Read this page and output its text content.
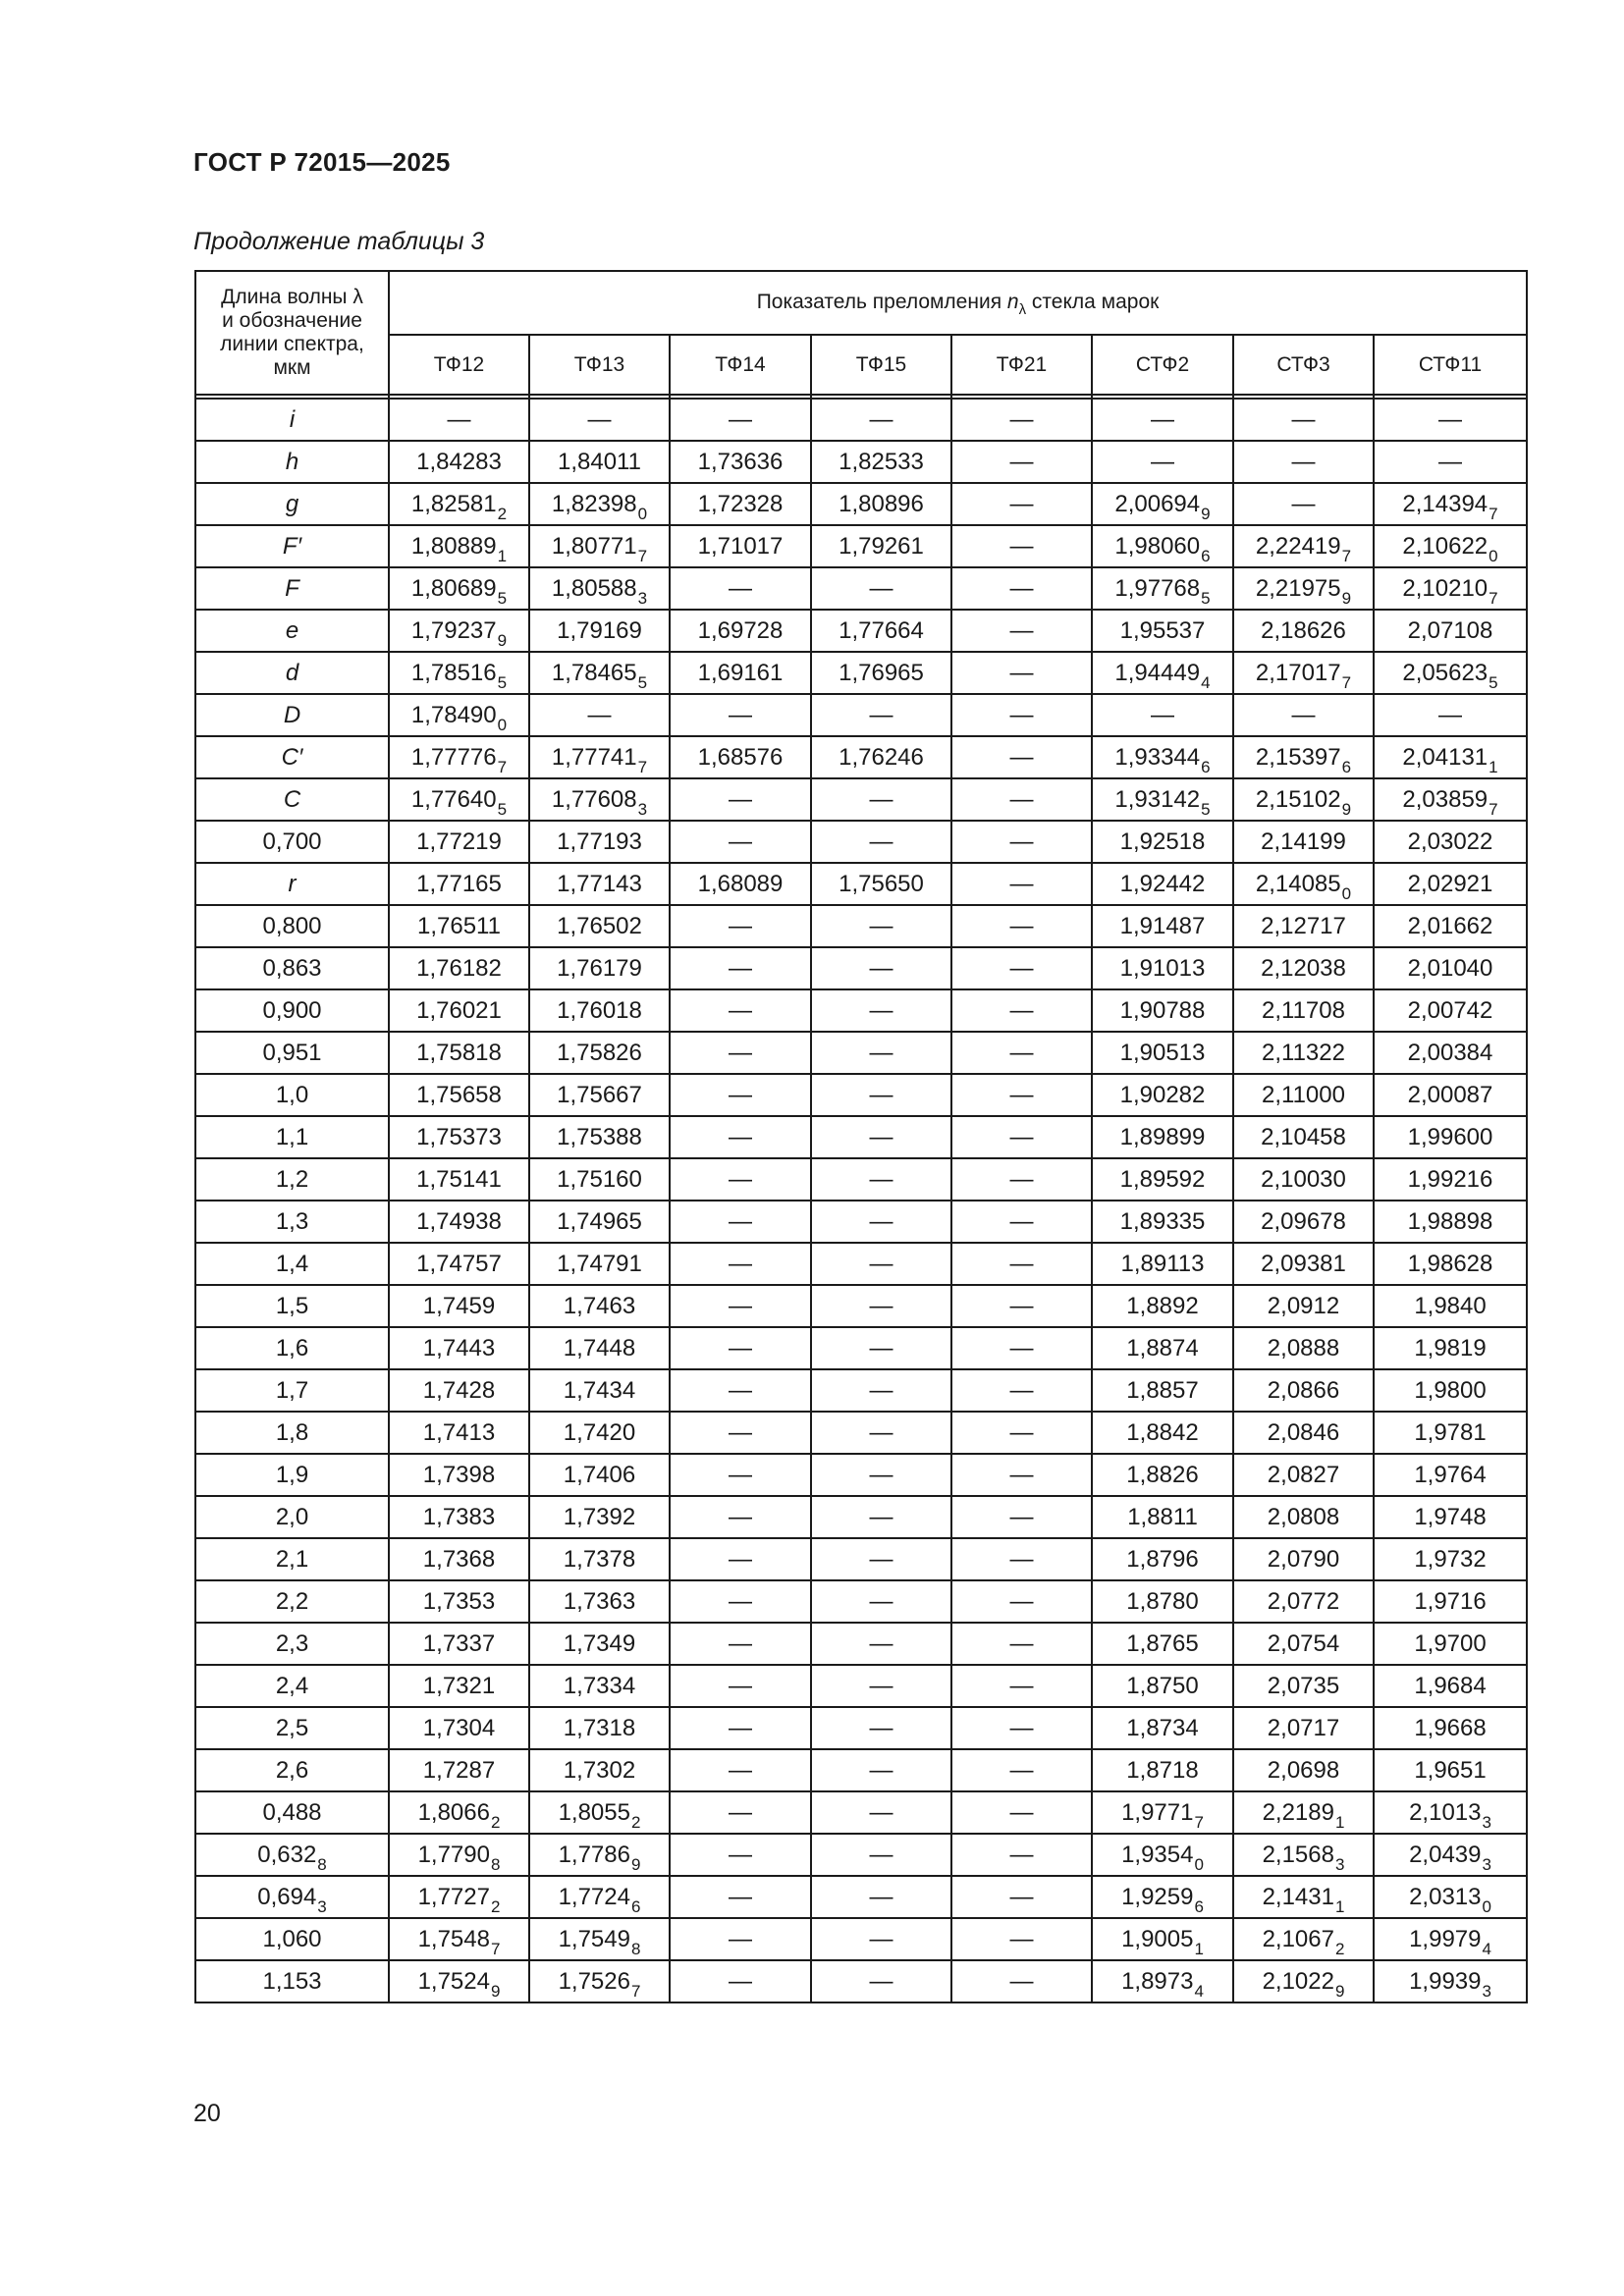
ГОСТ Р 72015—2025
Продолжение таблицы 3
Длина волны λ
и обозначение
линии спектра,
мкм	Показатель преломления $n_\lambda$ стекла марок							
	ТФ12	ТФ13	ТФ14	ТФ15	ТФ21	СТФ2	СТФ3	СТФ11

i	—	—	—	—	—	—	—	—
h	1,84283	1,84011	1,73636	1,82533	—	—	—	—
g	$1,82581_2$	$1,82398_0$	1,72328	1,80896	—	$2,00694_9$	—	$2,14394_7$
F′	$1,80889_1$	$1,80771_7$	1,71017	1,79261	—	$1,98060_6$	$2,22419_7$	$2,10622_0$
F	$1,80689_5$	$1,80588_3$	—	—	—	$1,97768_5$	$2,21975_9$	$2,10210_7$
e	$1,79237_9$	1,79169	1,69728	1,77664	—	1,95537	2,18626	2,07108
d	$1,78516_5$	$1,78465_5$	1,69161	1,76965	—	$1,94449_4$	$2,17017_7$	$2,05623_5$
D	$1,78490_0$	—	—	—	—	—	—	—
C′	$1,77776_7$	$1,77741_7$	1,68576	1,76246	—	$1,93344_6$	$2,15397_6$	$2,04131_1$
C	$1,77640_5$	$1,77608_3$	—	—	—	$1,93142_5$	$2,15102_9$	$2,03859_7$
0,700	1,77219	1,77193	—	—	—	1,92518	2,14199	2,03022
r	1,77165	1,77143	1,68089	1,75650	—	1,92442	$2,14085_0$	2,02921
0,800	1,76511	1,76502	—	—	—	1,91487	2,12717	2,01662
0,863	1,76182	1,76179	—	—	—	1,91013	2,12038	2,01040
0,900	1,76021	1,76018	—	—	—	1,90788	2,11708	2,00742
0,951	1,75818	1,75826	—	—	—	1,90513	2,11322	2,00384
1,0	1,75658	1,75667	—	—	—	1,90282	2,11000	2,00087
1,1	1,75373	1,75388	—	—	—	1,89899	2,10458	1,99600
1,2	1,75141	1,75160	—	—	—	1,89592	2,10030	1,99216
1,3	1,74938	1,74965	—	—	—	1,89335	2,09678	1,98898
1,4	1,74757	1,74791	—	—	—	1,89113	2,09381	1,98628
1,5	1,7459	1,7463	—	—	—	1,8892	2,0912	1,9840
1,6	1,7443	1,7448	—	—	—	1,8874	2,0888	1,9819
1,7	1,7428	1,7434	—	—	—	1,8857	2,0866	1,9800
1,8	1,7413	1,7420	—	—	—	1,8842	2,0846	1,9781
1,9	1,7398	1,7406	—	—	—	1,8826	2,0827	1,9764
2,0	1,7383	1,7392	—	—	—	1,8811	2,0808	1,9748
2,1	1,7368	1,7378	—	—	—	1,8796	2,0790	1,9732
2,2	1,7353	1,7363	—	—	—	1,8780	2,0772	1,9716
2,3	1,7337	1,7349	—	—	—	1,8765	2,0754	1,9700
2,4	1,7321	1,7334	—	—	—	1,8750	2,0735	1,9684
2,5	1,7304	1,7318	—	—	—	1,8734	2,0717	1,9668
2,6	1,7287	1,7302	—	—	—	1,8718	2,0698	1,9651
0,488	$1,8066_2$	$1,8055_2$	—	—	—	$1,9771_7$	$2,2189_1$	$2,1013_3$
$0,632_8$	$1,7790_8$	$1,7786_9$	—	—	—	$1,9354_0$	$2,1568_3$	$2,0439_3$
$0,694_3$	$1,7727_2$	$1,7724_6$	—	—	—	$1,9259_6$	$2,1431_1$	$2,0313_0$
1,060	$1,7548_7$	$1,7549_8$	—	—	—	$1,9005_1$	$2,1067_2$	$1,9979_4$
1,153	$1,7524_9$	$1,7526_7$	—	—	—	$1,8973_4$	$2,1022_9$	$1,9939_3$
20
